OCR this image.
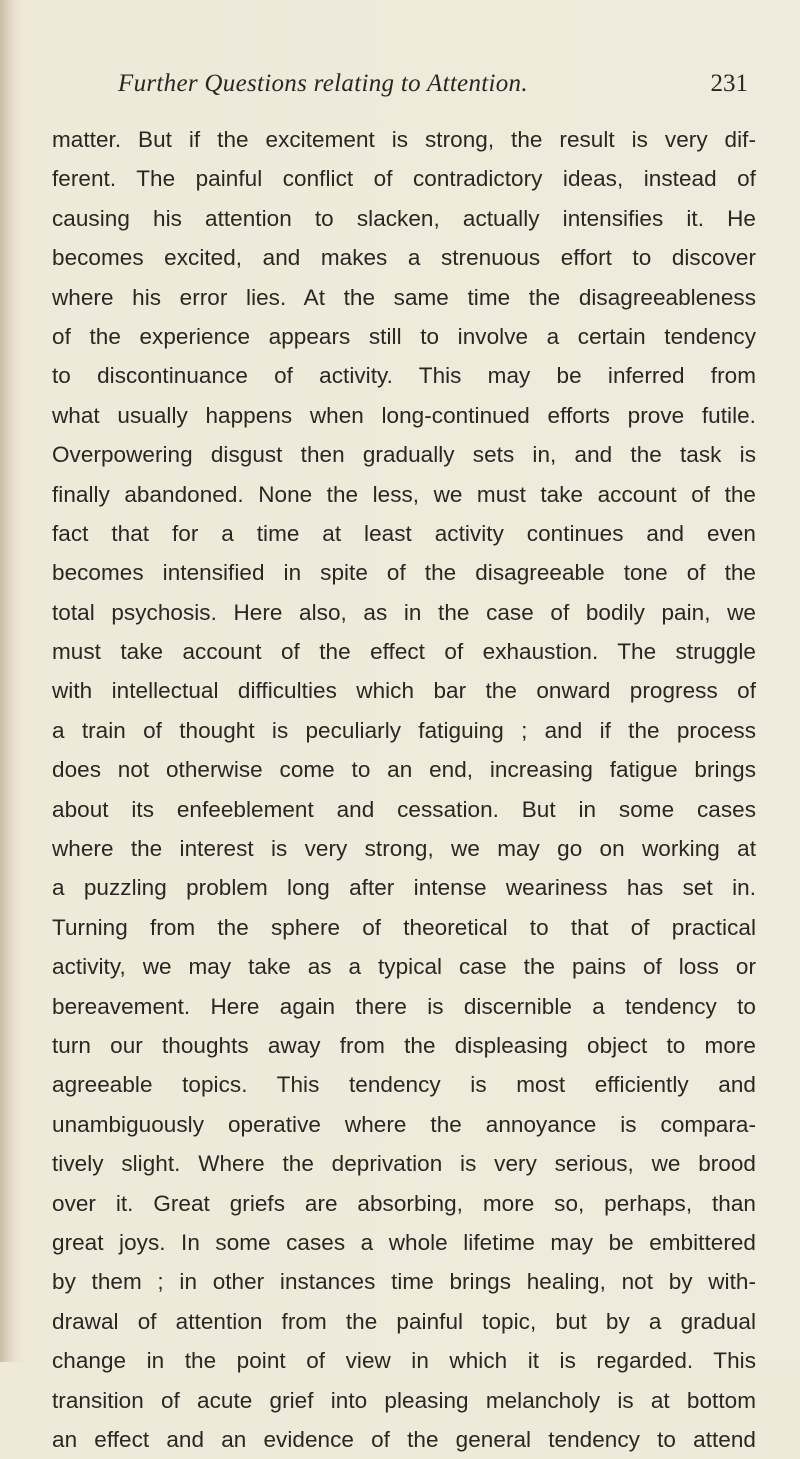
Further Questions relating to Attention.	231
matter. But if the excitement is strong, the result is very dif-
ferent. The painful conflict of contradictory ideas, instead of
causing his attention to slacken, actually intensifies it. He
becomes excited, and makes a strenuous effort to discover
where his error lies. At the same time the disagreeableness
of the experience appears still to involve a certain tendency
to discontinuance of activity. This may be inferred from
what usually happens when long-continued efforts prove futile.
Overpowering disgust then gradually sets in, and the task is
finally abandoned. None the less, we must take account of the
fact that for a time at least activity continues and even
becomes intensified in spite of the disagreeable tone of the
total psychosis. Here also, as in the case of bodily pain, we
must take account of the effect of exhaustion. The struggle
with intellectual difficulties which bar the onward progress of
a train of thought is peculiarly fatiguing ; and if the process
does not otherwise come to an end, increasing fatigue brings
about its enfeeblement and cessation. But in some cases
where the interest is very strong, we may go on working at
a puzzling problem long after intense weariness has set in.
Turning from the sphere of theoretical to that of practical
activity, we may take as a typical case the pains of loss or
bereavement. Here again there is discernible a tendency to
turn our thoughts away from the displeasing object to more
agreeable topics. This tendency is most efficiently and
unambiguously operative where the annoyance is compara-
tively slight. Where the deprivation is very serious, we brood
over it. Great griefs are absorbing, more so, perhaps, than
great joys. In some cases a whole lifetime may be embittered
by them ; in other instances time brings healing, not by with-
drawal of attention from the painful topic, but by a gradual
change in the point of view in which it is regarded. This
transition of acute grief into pleasing melancholy is at bottom
an effect and an evidence of the general tendency to attend
